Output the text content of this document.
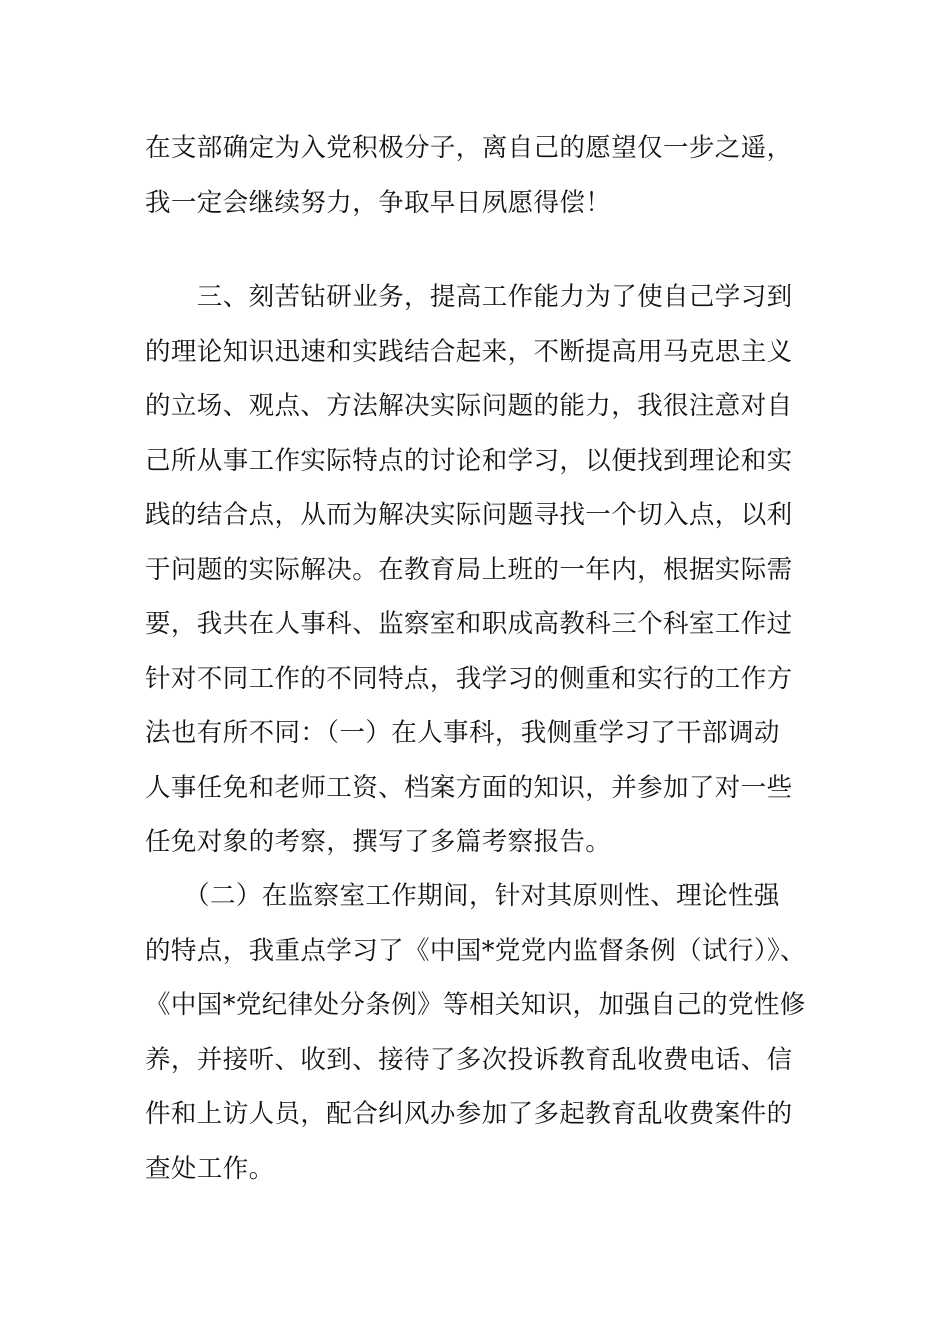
在支部确定为入党积极分子，离自己的愿望仅一步之遥，
我一定会继续努力，争取早日夙愿得偿！
　　三、刻苦钻研业务，提高工作能力为了使自己学习到
的理论知识迅速和实践结合起来，不断提高用马克思主义
的立场、观点、方法解决实际问题的能力，我很注意对自
己所从事工作实际特点的讨论和学习，以便找到理论和实
践的结合点，从而为解决实际问题寻找一个切入点，以利
于问题的实际解决。在教育局上班的一年内，根据实际需
要，我共在人事科、监察室和职成高教科三个科室工作过
针对不同工作的不同特点，我学习的侧重和实行的工作方
法也有所不同：（一）在人事科，我侧重学习了干部调动
人事任免和老师工资、档案方面的知识，并参加了对一些
任免对象的考察，撰写了多篇考察报告。
　　（二）在监察室工作期间，针对其原则性、理论性强
的特点，我重点学习了《中国*党党内监督条例（试行）》、
《中国*党纪律处分条例》等相关知识，加强自己的党性修
养，并接听、收到、接待了多次投诉教育乱收费电话、信
件和上访人员，配合纠风办参加了多起教育乱收费案件的
查处工作。
